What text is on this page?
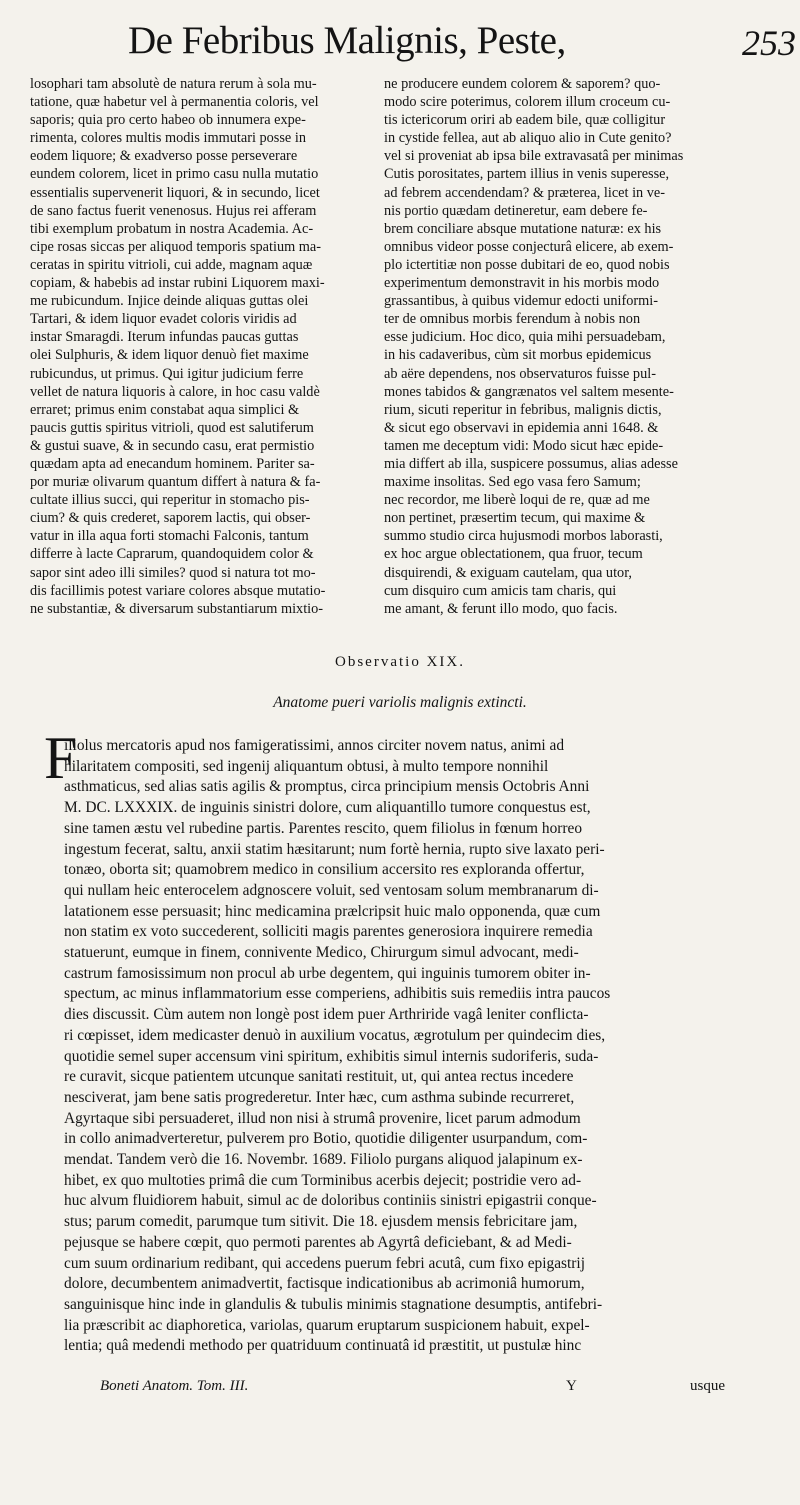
De Febribus Malignis, Peste,	253
losophari tam absolutè de natura rerum à sola mu-
tatione, quæ habetur vel à permanentia coloris, vel
saporis; quia pro certo habeo ob innumera expe-
rimenta, colores multis modis immutari posse in
eodem liquore; & exadverso posse perseverare
eundem colorem, licet in primo casu nulla mutatio
essentialis supervenerit liquori, & in secundo, licet
de sano factus fuerit venenosus. Hujus rei afferam
tibi exemplum probatum in nostra Academia. Ac-
cipe rosas siccas per aliquod temporis spatium ma-
ceratas in spiritu vitrioli, cui adde, magnam aquæ
copiam, & habebis ad instar rubini Liquorem maxi-
me rubicundum. Injice deinde aliquas guttas olei
Tartari, & idem liquor evadet coloris viridis ad
instar Smaragdi. Iterum infundas paucas guttas
olei Sulphuris, & idem liquor denuò fiet maxime
rubicundus, ut primus. Qui igitur judicium ferre
vellet de natura liquoris à calore, in hoc casu valdè
erraret; primus enim constabat aqua simplici &
paucis guttis spiritus vitrioli, quod est salutiferum
& gustui suave, & in secundo casu, erat permistio
quædam apta ad enecandum hominem. Pariter sa-
por muriæ olivarum quantum differt à natura & fa-
cultate illius succi, qui reperitur in stomacho pis-
cium? & quis crederet, saporem lactis, qui obser-
vatur in illa aqua forti stomachi Falconis, tantum
differre à lacte Caprarum, quandoquidem color &
sapor sint adeo illi similes? quod si natura tot mo-
dis facillimis potest variare colores absque mutatio-
ne substantiæ, & diversarum substantiarum mixtio-
ne producere eundem colorem & saporem? quo-
modo scire poterimus, colorem illum croceum cu-
tis ictericorum oriri ab eadem bile, quæ colligitur
in cystide fellea, aut ab aliquo alio in Cute genito?
vel si proveniat ab ipsa bile extravasatâ per minimas
Cutis porositates, partem illius in venis superesse,
ad febrem accendendam? & præterea, licet in ve-
nis portio quædam detineretur, eam debere fe-
brem conciliare absque mutatione naturæ: ex his
omnibus videor posse conjecturâ elicere, ab exem-
plo ictertitiæ non posse dubitari de eo, quod nobis
experimentum demonstravit in his morbis modo
grassantibus, à quibus videmur edocti uniformi-
ter de omnibus morbis ferendum à nobis non
esse judicium. Hoc dico, quia mihi persuadebam,
in his cadaveribus, cùm sit morbus epidemicus
ab aëre dependens, nos observaturos fuisse pul-
mones tabidos & gangrænatos vel saltem mesente-
rium, sicuti reperitur in febribus, malignis dictis,
& sicut ego observavi in epidemia anni 1648. &
tamen me deceptum vidi: Modo sicut hæc epide-
mia differt ab illa, suspicere possumus, alias adesse
maxime insolitas. Sed ego vasa fero Samum;
nec recordor, me liberè loqui de re, quæ ad me
non pertinet, præsertim tecum, qui maxime &
summo studio circa hujusmodi morbos laborasti,
ex hoc argue oblectationem, qua fruor, tecum
disquirendi, & exiguam cautelam, qua utor,
cum disquiro cum amicis tam charis, qui
me amant, & ferunt illo modo, quo facis.
Observatio XIX.
Anatome pueri variolis malignis extincti.
F
iliolus mercatoris apud nos famigeratissimi, annos circiter novem natus, animi ad
hilaritatem compositi, sed ingenij aliquantum obtusi, à multo tempore nonnihil
asthmaticus, sed alias satis agilis & promptus, circa principium mensis Octobris Anni
M. DC. LXXXIX. de inguinis sinistri dolore, cum aliquantillo tumore conquestus est,
sine tamen æstu vel rubedine partis. Parentes rescito, quem filiolus in fœnum horreo
ingestum fecerat, saltu, anxii statim hæsitarunt; num fortè hernia, rupto sive laxato peri-
tonæo, oborta sit; quamobrem medico in consilium accersito res exploranda offertur,
qui nullam heic enterocelem adgnoscere voluit, sed ventosam solum membranarum di-
latationem esse persuasit; hinc medicamina prælcripsit huic malo opponenda, quæ cum
non statim ex voto succederent, solliciti magis parentes generosiora inquirere remedia
statuerunt, eumque in finem, connivente Medico, Chirurgum simul advocant, medi-
castrum famosissimum non procul ab urbe degentem, qui inguinis tumorem obiter in-
spectum, ac minus inflammatorium esse comperiens, adhibitis suis remediis intra paucos
dies discussit. Cùm autem non longè post idem puer Arthriride vagâ leniter conflicta-
ri cœpisset, idem medicaster denuò in auxilium vocatus, ægrotulum per quindecim dies,
quotidie semel super accensum vini spiritum, exhibitis simul internis sudoriferis, suda-
re curavit, sicque patientem utcunque sanitati restituit, ut, qui antea rectus incedere
nesciverat, jam bene satis progrederetur. Inter hæc, cum asthma subinde recurreret,
Agyrtaque sibi persuaderet, illud non nisi à strumâ provenire, licet parum admodum
in collo animadverteretur, pulverem pro Botio, quotidie diligenter usurpandum, com-
mendat. Tandem verò die 16. Novembr. 1689. Filiolo purgans aliquod jalapinum ex-
hibet, ex quo multoties primâ die cum Torminibus acerbis dejecit; postridie vero ad-
huc alvum fluidiorem habuit, simul ac de doloribus continiis sinistri epigastrii conque-
stus; parum comedit, parumque tum sitivit. Die 18. ejusdem mensis febricitare jam,
pejusque se habere cœpit, quo permoti parentes ab Agyrtâ deficiebant, & ad Medi-
cum suum ordinarium redibant, qui accedens puerum febri acutâ, cum fixo epigastrij
dolore, decumbentem animadvertit, factisque indicationibus ab acrimoniâ humorum,
sanguinisque hinc inde in glandulis & tubulis minimis stagnatione desumptis, antifebri-
lia præscribit ac diaphoretica, variolas, quarum eruptarum suspicionem habuit, expel-
lentia; quâ medendi methodo per quatriduum continuatâ id præstitit, ut pustulæ hinc
Boneti Anatom. Tom. III.	Y	usque
